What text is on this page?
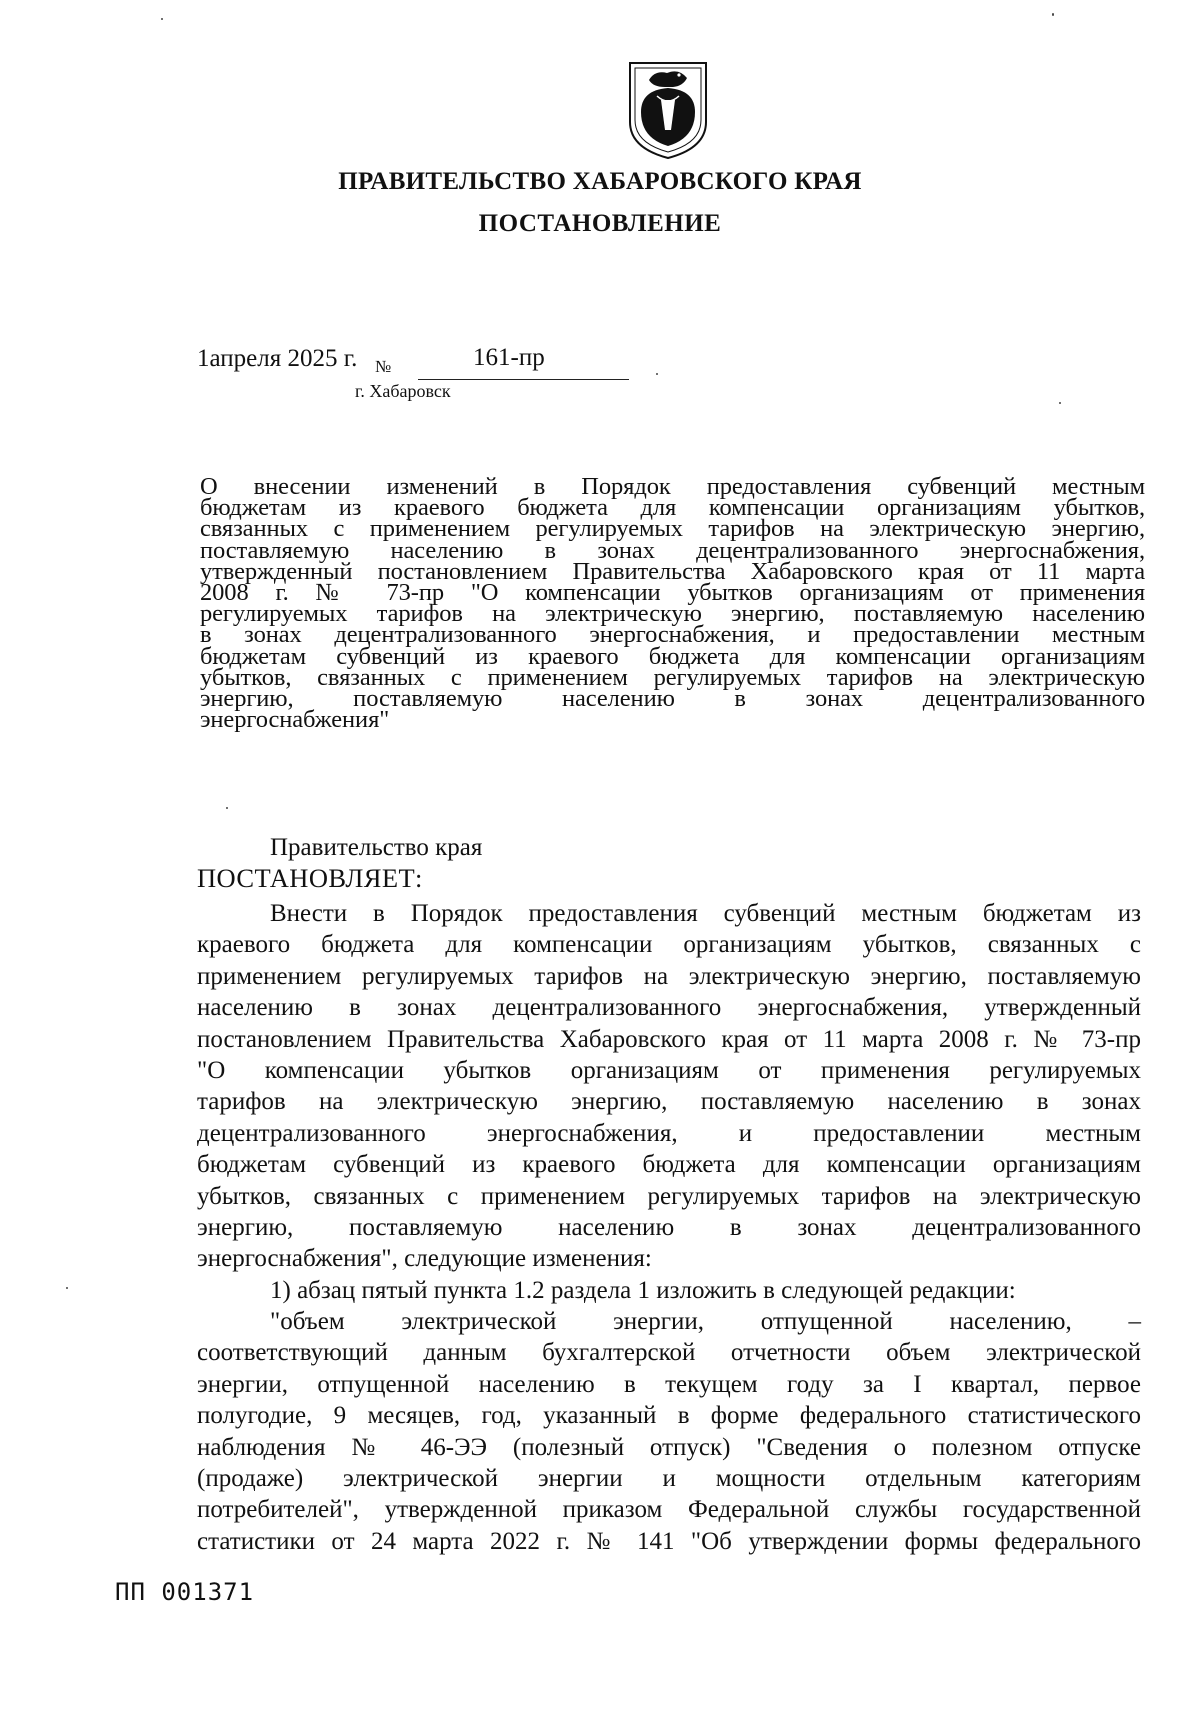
ПРАВИТЕЛЬСТВО ХАБАРОВСКОГО КРАЯ
ПОСТАНОВЛЕНИЕ
1апреля 2025 г. №	161-пр
г. Хабаровск
О внесении изменений в Порядок предоставления субвенций местным
бюджетам из краевого бюджета для компенсации организациям убытков,
связанных с применением регулируемых тарифов на электрическую энергию,
поставляемую населению в зонах децентрализованного энергоснабжения,
утвержденный постановлением Правительства Хабаровского края от 11 марта
2008 г. № 73-пр "О компенсации убытков организациям от применения
регулируемых тарифов на электрическую энергию, поставляемую населению
в зонах децентрализованного энергоснабжения, и предоставлении местным
бюджетам субвенций из краевого бюджета для компенсации организациям
убытков, связанных с применением регулируемых тарифов на электрическую
энергию, поставляемую населению в зонах децентрализованного
энергоснабжения"
Правительство края
ПОСТАНОВЛЯЕТ:
Внести в Порядок предоставления субвенций местным бюджетам из
краевого бюджета для компенсации организациям убытков, связанных с
применением регулируемых тарифов на электрическую энергию, поставляемую
населению в зонах децентрализованного энергоснабжения, утвержденный
постановлением Правительства Хабаровского края от 11 марта 2008 г. № 73-пр
"О компенсации убытков организациям от применения регулируемых
тарифов на электрическую энергию, поставляемую населению в зонах
децентрализованного энергоснабжения, и предоставлении местным
бюджетам субвенций из краевого бюджета для компенсации организациям
убытков, связанных с применением регулируемых тарифов на электрическую
энергию, поставляемую населению в зонах децентрализованного
энергоснабжения", следующие изменения:
1) абзац пятый пункта 1.2 раздела 1 изложить в следующей редакции:
"объем электрической энергии, отпущенной населению, –
соответствующий данным бухгалтерской отчетности объем электрической
энергии, отпущенной населению в текущем году за I квартал, первое
полугодие, 9 месяцев, год, указанный в форме федерального статистического
наблюдения № 46-ЭЭ (полезный отпуск) "Сведения о полезном отпуске
(продаже) электрической энергии и мощности отдельным категориям
потребителей", утвержденной приказом Федеральной службы государственной
статистики от 24 марта 2022 г. № 141 "Об утверждении формы федерального
ПП 001371
